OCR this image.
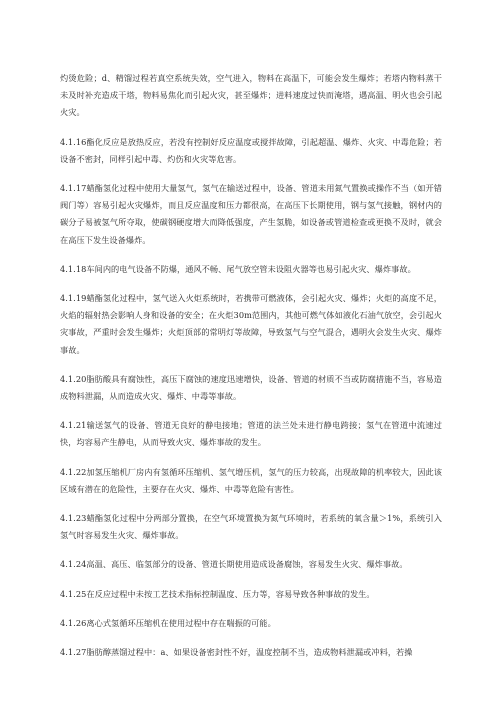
灼烫危险；d、精馏过程若真空系统失效，空气进入，物料在高温下，可能会发生爆炸；若塔内物料蒸干未及时补充造成干塔，物料易焦化而引起火灾，甚至爆炸；进料速度过快而淹塔，遇高温、明火也会引起火灾。

4.1.16酯化反应是放热反应，若没有控制好反应温度或搅拌故障，引起超温、爆炸、火灾、中毒危险；若设备不密封，同样引起中毒、灼伤和火灾等危害。

4.1.17蜡酯氢化过程中使用大量氢气，氢气在输送过程中，设备、管道未用氮气置换或操作不当（如开错阀门等）容易引起火灾爆炸，而且反应温度和压力都很高，在高压下长期使用，钢与氢气接触，钢材内的碳分子易被氢气所夺取，使碳钢硬度增大而降低强度，产生氢脆，如设备或管道检查或更换不及时，就会在高压下发生设备爆炸。

4.1.18车间内的电气设备不防爆，通风不畅、尾气放空管未设阻火器等也易引起火灾、爆炸事故。

4.1.19蜡酯氢化过程中，氢气送入火炬系统时，若携带可燃液体，会引起火灾、爆炸；火炬的高度不足，火焰的辐射热会影响人身和设备的安全；在火炬30m范围内，其他可燃气体如液化石油气放空，会引起火灾事故，严重时会发生爆炸；火炬顶部的常明灯等故障，导致氢气与空气混合，遇明火会发生火灾、爆炸事故。

4.1.20脂肪酸具有腐蚀性，高压下腐蚀的速度迅速增快，设备、管道的材质不当或防腐措施不当，容易造成物料泄漏，从而造成火灾、爆炸、中毒等事故。

4.1.21输送氢气的设备、管道无良好的静电接地；管道的法兰处未进行静电跨接；氢气在管道中流速过快，均容易产生静电，从而导致火灾、爆炸事故的发生。

4.1.22加氢压缩机厂房内有氢循环压缩机、氢气增压机，氢气的压力较高，出现故障的机率较大，因此该区域有潜在的危险性，主要存在火灾、爆炸、中毒等危险有害性。

4.1.23蜡酯氢化过程中分两部分置换，在空气环境置换为氮气环境时，若系统的氧含量＞1%，系统引入氢气时容易发生火灾、爆炸事故。

4.1.24高温、高压、临氢部分的设备、管道长期使用造成设备腐蚀，容易发生火灾、爆炸事故。

4.1.25在反应过程中未按工艺技术指标控制温度、压力等，容易导致各种事故的发生。

4.1.26离心式氢循环压缩机在使用过程中存在喘振的可能。

4.1.27脂肪醇蒸馏过程中：a、如果设备密封性不好，温度控制不当，造成物料泄漏或冲料，若操
